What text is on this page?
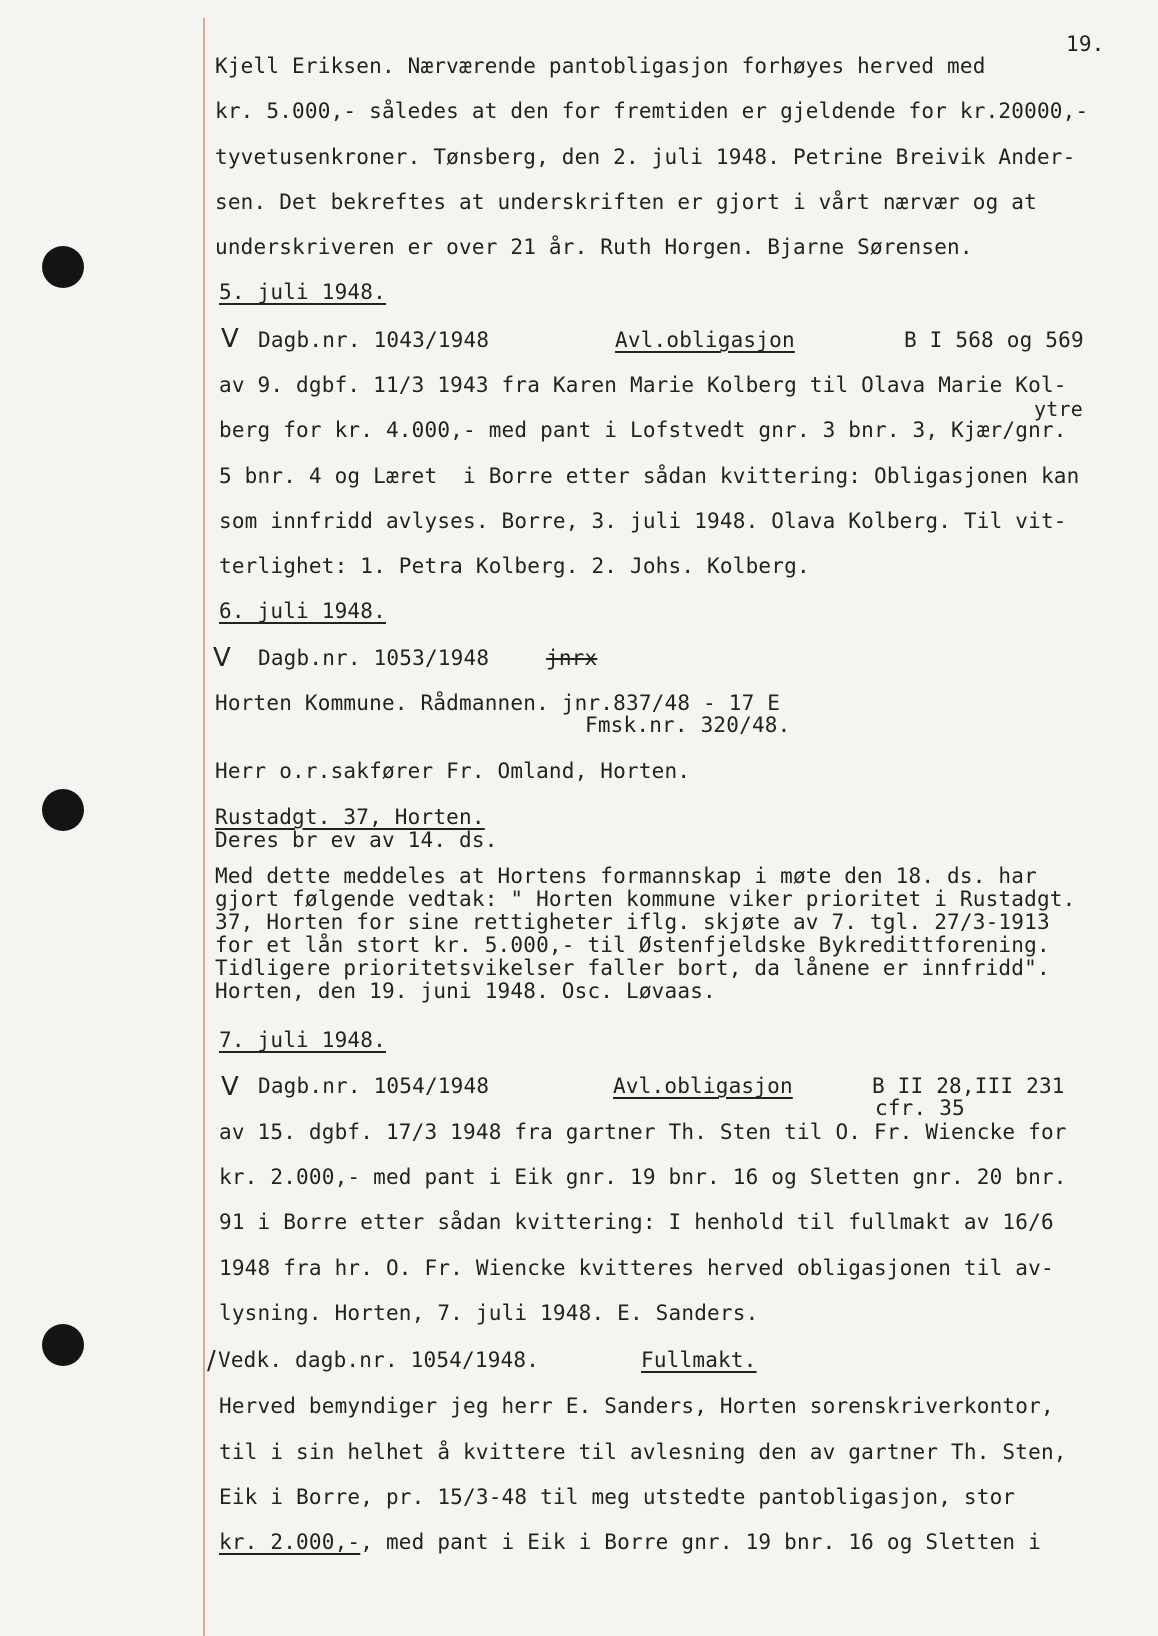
19.
Kjell Eriksen. Nærværende pantobligasjon forhøyes herved med
kr. 5.000,- således at den for fremtiden er gjeldende for kr.20000,-
tyvetusenkroner. Tønsberg, den 2. juli 1948. Petrine Breivik Ander-
sen. Det bekreftes at underskriften er gjort i vårt nærvær og at
underskriveren er over 21 år. Ruth Horgen. Bjarne Sørensen.
5. juli 1948.
V Dagb.nr. 1043/1948	Avl.obligasjon	B I 568 og 569
av 9. dgbf. 11/3 1943 fra Karen Marie Kolberg til Olava Marie Kol-
ytre
berg for kr. 4.000,- med pant i Lofstvedt gnr. 3 bnr. 3, Kjær/gnr.
5 bnr. 4 og Læret  i Borre etter sådan kvittering: Obligasjonen kan
som innfridd avlyses. Borre, 3. juli 1948. Olava Kolberg. Til vit-
terlighet: 1. Petra Kolberg. 2. Johs. Kolberg.
6. juli 1948.
V Dagb.nr. 1053/1948	jnrx
Horten Kommune. Rådmannen. jnr.837/48 - 17 E
Fmsk.nr. 320/48.
Herr o.r.sakfører Fr. Omland, Horten.
Rustadgt. 37, Horten.
Deres br ev av 14. ds.
Med dette meddeles at Hortens formannskap i møte den 18. ds. har
gjort følgende vedtak: " Horten kommune viker prioritet i Rustadgt.
37, Horten for sine rettigheter iflg. skjøte av 7. tgl. 27/3-1913
for et lån stort kr. 5.000,- til Østenfjeldske Bykredittforening.
Tidligere prioritetsvikelser faller bort, da lånene er innfridd".
Horten, den 19. juni 1948. Osc. Løvaas.
7. juli 1948.
V Dagb.nr. 1054/1948	Avl.obligasjon	B II 28,III 231
cfr. 35
av 15. dgbf. 17/3 1948 fra gartner Th. Sten til O. Fr. Wiencke for
kr. 2.000,- med pant i Eik gnr. 19 bnr. 16 og Sletten gnr. 20 bnr.
91 i Borre etter sådan kvittering: I henhold til fullmakt av 16/6
1948 fra hr. O. Fr. Wiencke kvitteres herved obligasjonen til av-
lysning. Horten, 7. juli 1948. E. Sanders.
/ Vedk. dagb.nr. 1054/1948.	Fullmakt.
Herved bemyndiger jeg herr E. Sanders, Horten sorenskriverkontor,
til i sin helhet å kvittere til avlesning den av gartner Th. Sten,
Eik i Borre, pr. 15/3-48 til meg utstedte pantobligasjon, stor
kr. 2.000,-, med pant i Eik i Borre gnr. 19 bnr. 16 og Sletten i
